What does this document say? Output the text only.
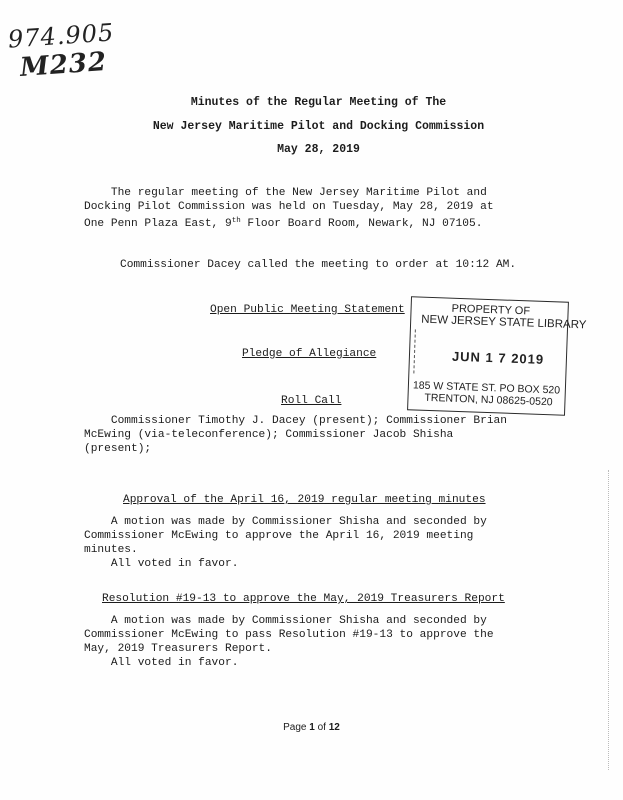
974.905
M232
Minutes of the Regular Meeting of The
New Jersey Maritime Pilot and Docking Commission
May 28, 2019
The regular meeting of the New Jersey Maritime Pilot and
Docking Pilot Commission was held on Tuesday, May 28, 2019 at
One Penn Plaza East, 9th Floor Board Room, Newark, NJ 07105.
Commissioner Dacey called the meeting to order at 10:12 AM.
Open Public Meeting Statement
Pledge of Allegiance
Roll Call
PROPERTY OF
NEW JERSEY STATE LIBRARY
JUN 1 7 2019
185 W STATE ST. PO BOX 520
TRENTON, NJ 08625-0520
Commissioner Timothy J. Dacey (present); Commissioner Brian
McEwing (via-teleconference); Commissioner Jacob Shisha
(present);
Approval of the April 16, 2019 regular meeting minutes
A motion was made by Commissioner Shisha and seconded by
Commissioner McEwing to approve the April 16, 2019 meeting
minutes.
All voted in favor.
Resolution #19-13 to approve the May, 2019 Treasurers Report
A motion was made by Commissioner Shisha and seconded by
Commissioner McEwing to pass Resolution #19-13 to approve the
May, 2019 Treasurers Report.
All voted in favor.
Page 1 of 12
